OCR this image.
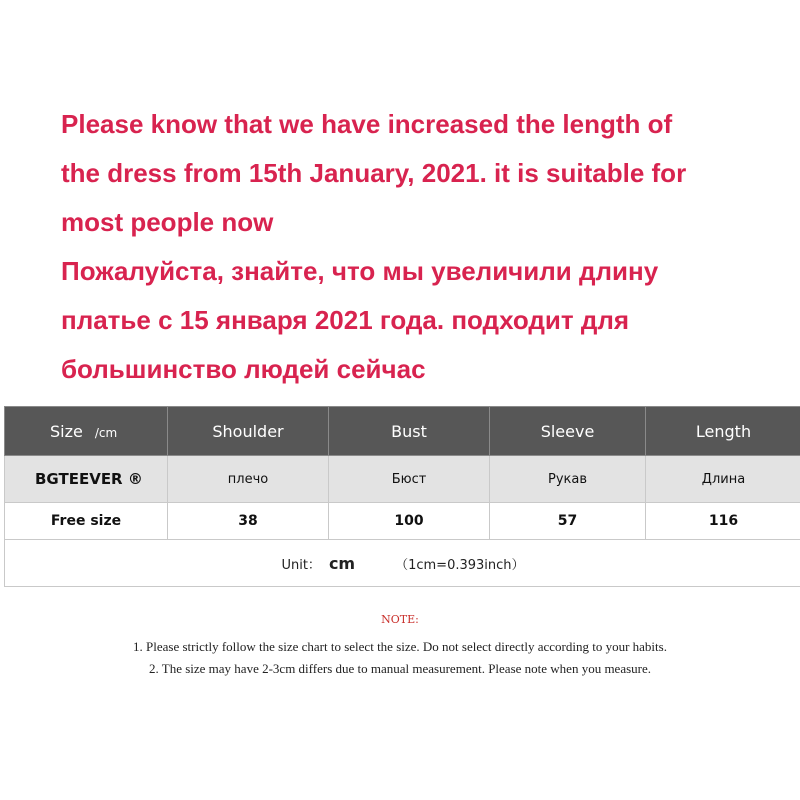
Please know that we have increased the length of
the dress from 15th January, 2021. it is suitable for
most people now
Пожалуйста, знайте, что мы увеличили длину
платье с 15 января 2021 года. подходит для
большинство людей сейчас
Size /cm	Shoulder	Bust	Sleeve	Length
BGTEEVER ®	плечо	Бюст	Рукав	Длина
Free size	38	100	57	116
Unit： cm （1cm=0.393inch）				
NOTE:
1. Please strictly follow the size chart to select the size. Do not select directly according to your habits.
2. The size may have 2-3cm differs due to manual measurement. Please note when you measure.
